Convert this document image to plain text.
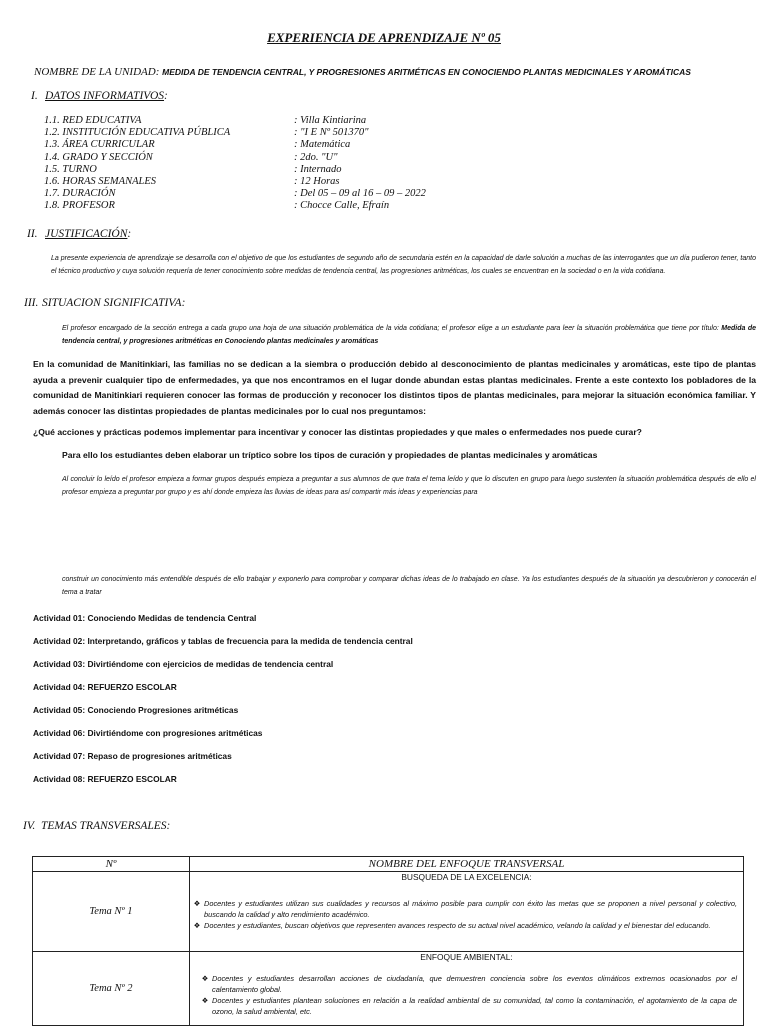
EXPERIENCIA DE APRENDIZAJE Nº 05
NOMBRE DE LA UNIDAD: MEDIDA DE TENDENCIA CENTRAL, Y PROGRESIONES ARITMÉTICAS EN CONOCIENDO PLANTAS MEDICINALES Y AROMÁTICAS
I. DATOS INFORMATIVOS:
1.1. RED EDUCATIVA	: Villa Kintiarina
1.2. INSTITUCIÓN EDUCATIVA PÚBLICA	: "I E Nº 501370"
1.3. ÁREA CURRICULAR	: Matemática
1.4. GRADO Y SECCIÓN	: 2do. "U"
1.5. TURNO	: Internado
1.6. HORAS SEMANALES	: 12 Horas
1.7. DURACIÓN	: Del 05 – 09 al 16 – 09 – 2022
1.8. PROFESOR	: Chocce Calle, Efraín
II. JUSTIFICACIÓN:
La presente experiencia de aprendizaje se desarrolla con el objetivo de que los estudiantes de segundo año de secundaria estén en la capacidad de darle solución a muchas de las interrogantes que un día pudieron tener, tanto el técnico productivo y cuya solución requería de tener conocimiento sobre medidas de tendencia central, las progresiones aritméticas, los cuales se encuentran en la sociedad o en la vida cotidiana.
III. SITUACION SIGNIFICATIVA:
El profesor encargado de la sección entrega a cada grupo una hoja de una situación problemática de la vida cotidiana; el profesor elige a un estudiante para leer la situación problemática que tiene por título: Medida de tendencia central, y progresiones aritméticas en Conociendo plantas medicinales y aromáticas
En la comunidad de Manitinkiari, las familias no se dedican a la siembra o producción debido al desconocimiento de plantas medicinales y aromáticas, este tipo de plantas ayuda a prevenir cualquier tipo de enfermedades, ya que nos encontramos en el lugar donde abundan estas plantas medicinales. Frente a este contexto los pobladores de la comunidad de Manitinkiari requieren conocer las formas de producción y reconocer los distintos tipos de plantas medicinales, para mejorar la situación económica familiar. Y además conocer las distintas propiedades de plantas medicinales por lo cual nos preguntamos:
¿Qué acciones y prácticas podemos implementar para incentivar y conocer las distintas propiedades y que males o enfermedades nos puede curar?
Para ello los estudiantes deben elaborar un tríptico sobre los tipos de curación y propiedades de plantas medicinales y aromáticas
Al concluir lo leído el profesor empieza a formar grupos después empieza a preguntar a sus alumnos de que trata el tema leído y que lo discuten en grupo para luego sustenten la situación problemática después de ello el profesor empieza a preguntar por grupo y es ahí donde empieza las lluvias de ideas para así compartir más ideas y experiencias para
construir un conocimiento más entendible después de ello trabajar y exponerlo para comprobar y comparar dichas ideas de lo trabajado en clase. Ya los estudiantes después de la situación ya descubrieron y conocerán el tema a tratar
Actividad 01: Conociendo Medidas de tendencia Central
Actividad 02: Interpretando, gráficos y tablas de frecuencia para la medida de tendencia central
Actividad 03: Divirtiéndome con ejercicios de medidas de tendencia central
Actividad 04: REFUERZO ESCOLAR
Actividad 05: Conociendo Progresiones aritméticas
Actividad 06: Divirtiéndome con progresiones aritméticas
Actividad 07: Repaso de progresiones aritméticas
Actividad 08: REFUERZO ESCOLAR
IV. TEMAS TRANSVERSALES:
Nº	NOMBRE DEL ENFOQUE TRANSVERSAL
Tema Nº 1	BUSQUEDA DE LA EXCELENCIA:
❖ Docentes y estudiantes utilizan sus cualidades y recursos al máximo posible para cumplir con éxito las metas que se proponen a nivel personal y colectivo, buscando la calidad y alto rendimiento académico.
❖ Docentes y estudiantes, buscan objetivos que representen avances respecto de su actual nivel académico, velando la calidad y el bienestar del educando.

Tema Nº 2	ENFOQUE AMBIENTAL:
❖ Docentes y estudiantes desarrollan acciones de ciudadanía, que demuestren conciencia sobre los eventos climáticos extremos ocasionados por el calentamiento global.
❖ Docentes y estudiantes plantean soluciones en relación a la realidad ambiental de su comunidad, tal como la contaminación, el agotamiento de la capa de ozono, la salud ambiental, etc.
